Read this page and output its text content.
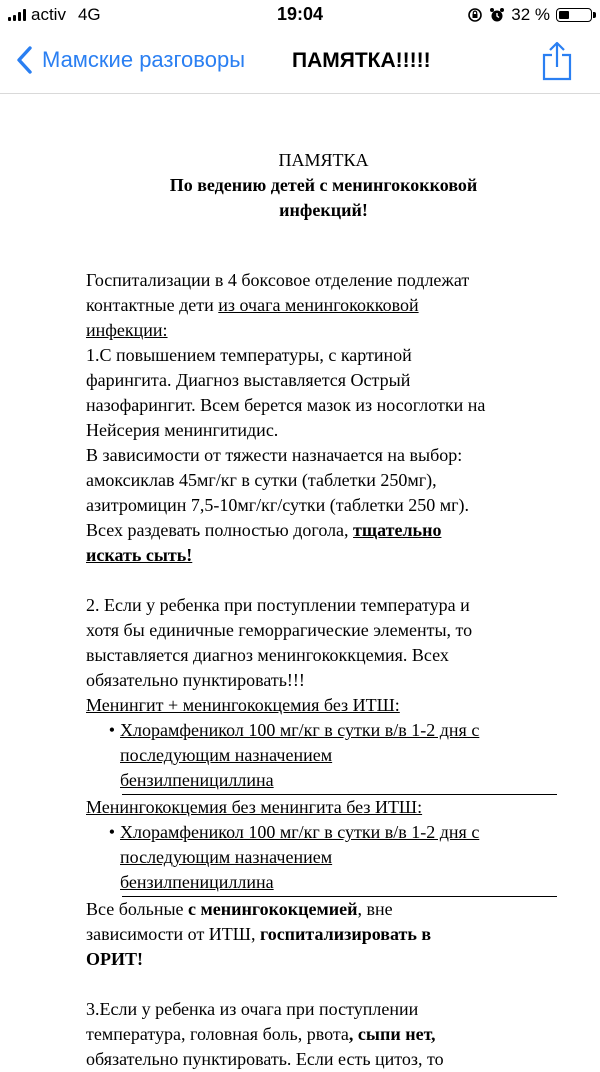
activ 4G	19:04	32 %
Мамские разговоры ПАМЯТКА!!!!!
ПАМЯТКА
По ведению детей с менингококковой
инфекций!
Госпитализации в 4 боксовое отделение подлежат
контактные дети из очага менингококковой
инфекции:
1.С повышением температуры, с картиной
фарингита. Диагноз выставляется Острый
назофарингит. Всем берется мазок из носоглотки на
Нейсерия менингитидис.
В зависимости от тяжести назначается на выбор:
амоксиклав 45мг/кг в сутки (таблетки 250мг),
азитромицин 7,5-10мг/кг/сутки (таблетки 250 мг).
Всех раздевать полностью догола, тщательно
искать сыть!
2. Если у ребенка при поступлении температура и
хотя бы единичные геморрагические элементы, то
выставляется диагноз менингококкцемия. Всех
обязательно пунктировать!!!
Менингит + менингококцемия без ИТШ:
• Хлорамфеникол 100 мг/кг в сутки в/в 1-2 дня с
последующим назначением
бензилпенициллина
Менингококцемия без менингита без ИТШ:
• Хлорамфеникол 100 мг/кг в сутки в/в 1-2 дня с
последующим назначением
бензилпенициллина
Все больные с менингококцемией, вне
зависимости от ИТШ, госпитализировать в
ОРИТ!
3.Если у ребенка из очага при поступлении
температура, головная боль, рвота, сыпи нет,
обязательно пунктировать. Если есть цитоз, то
